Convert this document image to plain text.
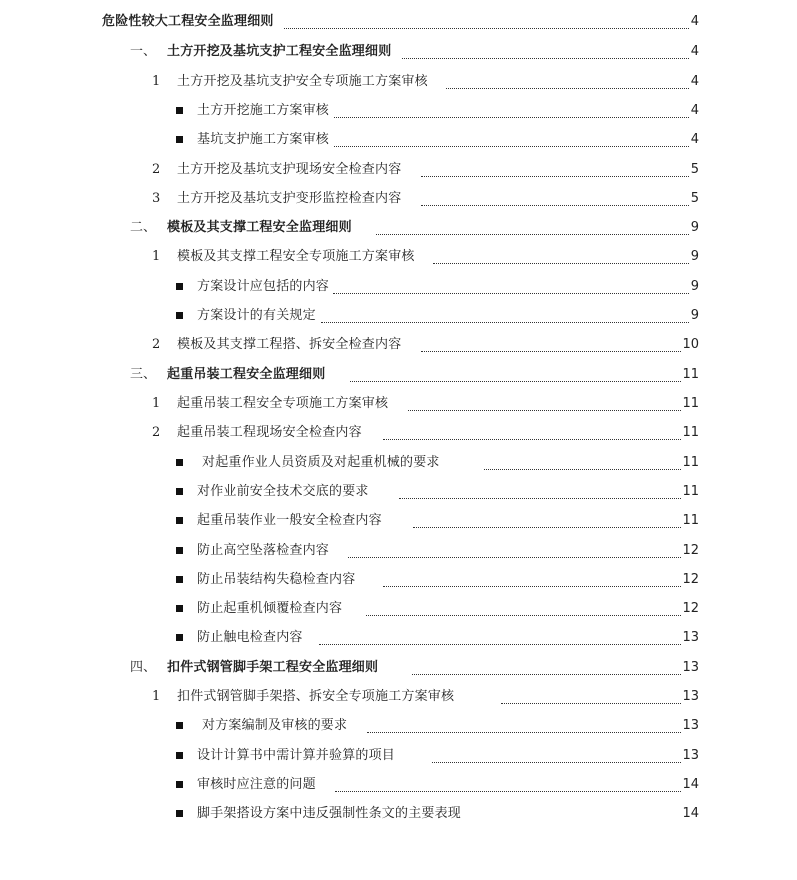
危险性较大工程安全监理细则	4
一、 土方开挖及基坑支护工程安全监理细则	4
1 土方开挖及基坑支护安全专项施工方案审核	4
土方开挖施工方案审核	4
基坑支护施工方案审核	4
2 土方开挖及基坑支护现场安全检查内容	5
3 土方开挖及基坑支护变形监控检查内容	5
二、 模板及其支撑工程安全监理细则	9
1 模板及其支撑工程安全专项施工方案审核	9
方案设计应包括的内容	9
方案设计的有关规定	9
2 模板及其支撑工程搭、拆安全检查内容	10
三、 起重吊装工程安全监理细则	11
1 起重吊装工程安全专项施工方案审核	11
2 起重吊装工程现场安全检查内容	11
对起重作业人员资质及对起重机械的要求	11
对作业前安全技术交底的要求	11
起重吊装作业一般安全检查内容	11
防止高空坠落检查内容	12
防止吊装结构失稳检查内容	12
防止起重机倾覆检查内容	12
防止触电检查内容	13
四、 扣件式钢管脚手架工程安全监理细则	13
1 扣件式钢管脚手架搭、拆安全专项施工方案审核	13
对方案编制及审核的要求	13
设计计算书中需计算并验算的项目	13
审核时应注意的问题	14
脚手架搭设方案中违反强制性条文的主要表现	14
